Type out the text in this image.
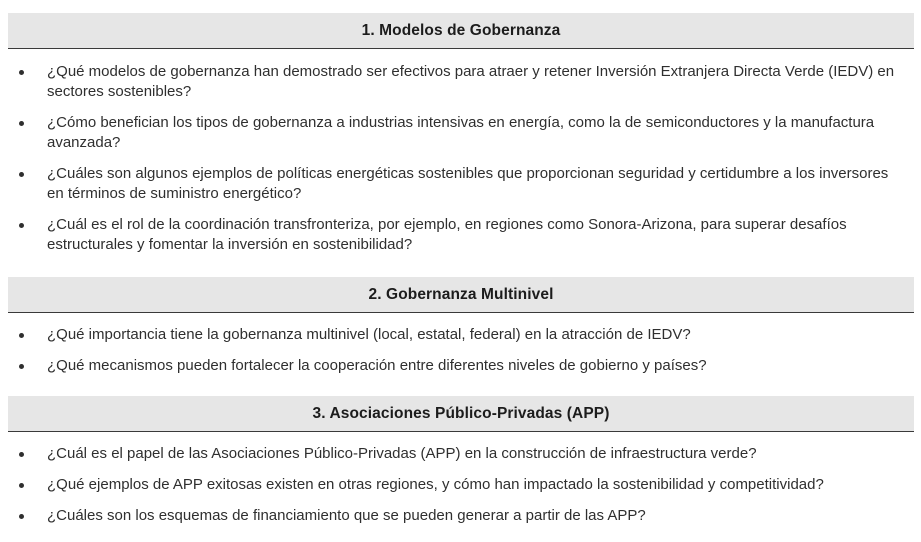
1. Modelos de Gobernanza
¿Qué modelos de gobernanza han demostrado ser efectivos para atraer y retener Inversión Extranjera Directa Verde (IEDV) en sectores sostenibles?
¿Cómo benefician los tipos de gobernanza a industrias intensivas en energía, como la de semiconductores y la manufactura avanzada?
¿Cuáles son algunos ejemplos de políticas energéticas sostenibles que proporcionan seguridad y certidumbre a los inversores en términos de suministro energético?
¿Cuál es el rol de la coordinación transfronteriza, por ejemplo, en regiones como Sonora-Arizona, para superar desafíos estructurales y fomentar la inversión en sostenibilidad?
2. Gobernanza Multinivel
¿Qué importancia tiene la gobernanza multinivel (local, estatal, federal) en la atracción de IEDV?
¿Qué mecanismos pueden fortalecer la cooperación entre diferentes niveles de gobierno y países?
3. Asociaciones Público-Privadas (APP)
¿Cuál es el papel de las Asociaciones Público-Privadas (APP) en la construcción de infraestructura verde?
¿Qué ejemplos de APP exitosas existen en otras regiones, y cómo han impactado la sostenibilidad y competitividad?
¿Cuáles son los esquemas de financiamiento que se pueden generar a partir de las APP?
